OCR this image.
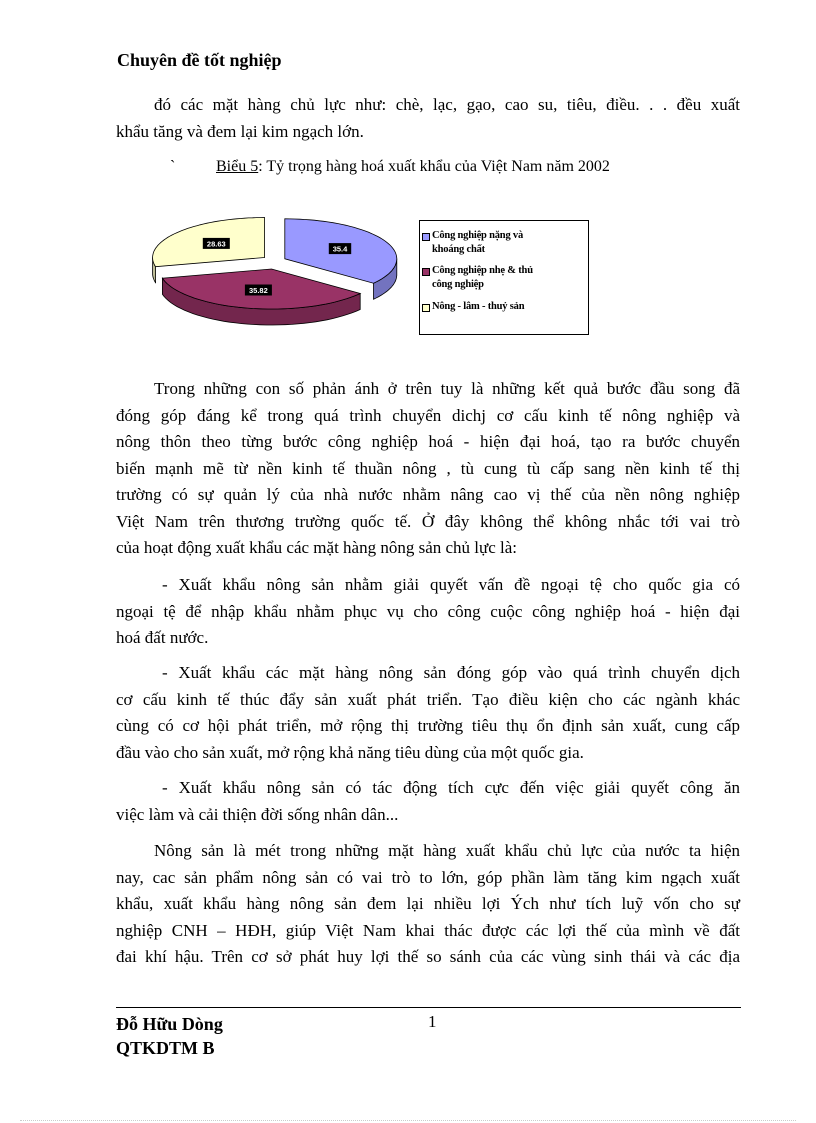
Chuyên đề tốt nghiệp
đó các mặt hàng chủ lực như: chè, lạc, gạo, cao su, tiêu, điều. . . đều xuất
khẩu tăng và đem lại kim ngạch lớn.
`	Biểu 5: Tỷ trọng hàng hoá xuất khẩu của Việt Nam năm 2002
35.4
35.82
28.63
Công nghiệp nặng và
khoáng chất
Công nghiệp nhẹ & thủ
công nghiệp
Nông - lâm - thuỷ sản
Trong những con số phản ánh ở trên tuy là những kết quả bước đầu song đã
đóng góp đáng kể trong quá trình chuyển dichj cơ cấu kinh tế nông nghiệp và
nông thôn theo từng bước công nghiệp hoá - hiện đại hoá, tạo ra bước chuyển
biến mạnh mẽ từ nền kinh tế thuần nông , tù cung tù cấp sang nền kinh tế thị
trường có sự quản lý của nhà nước nhằm nâng cao vị thế của nền nông nghiệp
Việt Nam trên thương trường quốc tế. Ở đây không thể không nhắc tới vai trò
của hoạt động xuất khẩu các mặt hàng nông sản chủ lực là:
- Xuất khẩu nông sản nhằm giải quyết vấn đề ngoại tệ cho quốc gia có
ngoại tệ để nhập khẩu nhằm phục vụ cho công cuộc công nghiệp hoá - hiện đại
hoá đất nước.
- Xuất khẩu các mặt hàng nông sản đóng góp vào quá trình chuyển dịch
cơ cấu kinh tế thúc đẩy sản xuất phát triển. Tạo điều kiện cho các ngành khác
cùng có cơ hội phát triển, mở rộng thị trường tiêu thụ ổn định sản xuất, cung cấp
đầu vào cho sản xuất, mở rộng khả năng tiêu dùng của một quốc gia.
- Xuất khẩu nông sản có tác động tích cực đến việc giải quyết công ăn
việc làm và cải thiện đời sống nhân dân...
Nông sản là mét trong những mặt hàng xuất khẩu chủ lực của nước ta hiện
nay, cac sản phẩm nông sản có vai trò to lớn, góp phần làm tăng kim ngạch xuất
khẩu, xuất khẩu hàng nông sản đem lại nhiều lợi Ých như tích luỹ vốn cho sự
nghiệp CNH – HĐH, giúp Việt Nam khai thác được các lợi thế của mình về đất
đai khí hậu. Trên cơ sở phát huy lợi thế so sánh của các vùng sinh thái và các địa
Đỗ Hữu Dòng
QTKDTM B
1
